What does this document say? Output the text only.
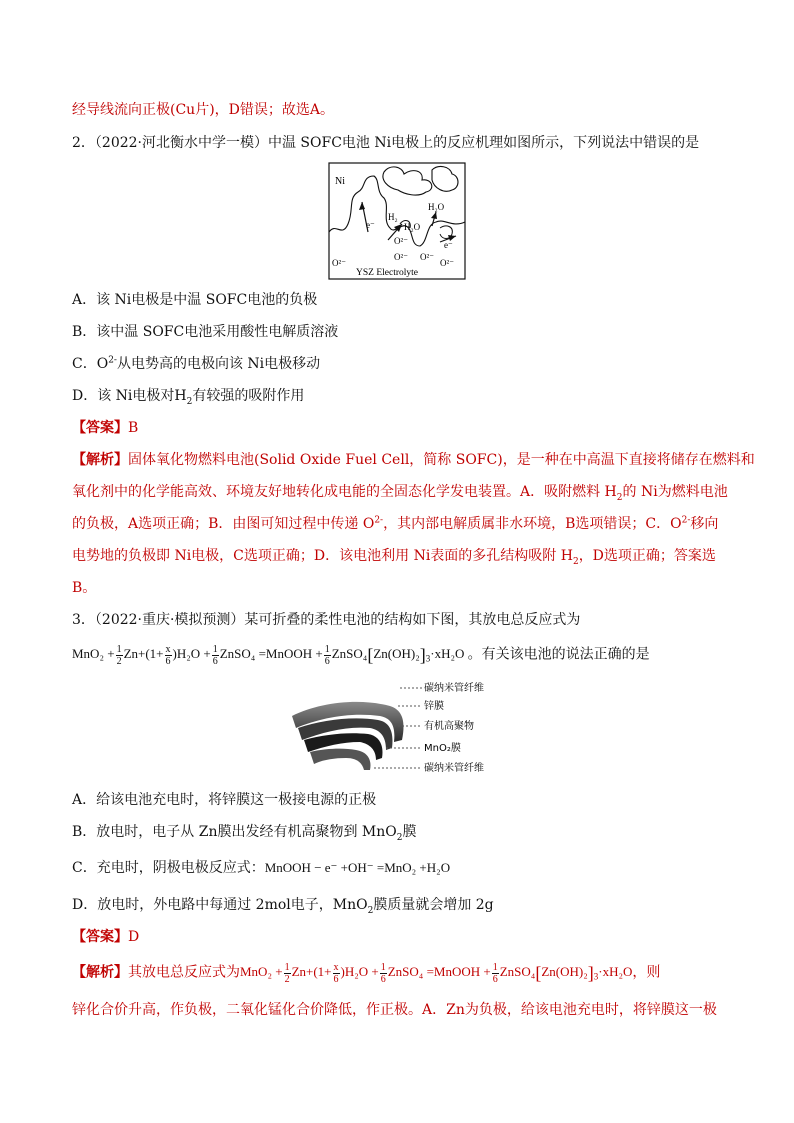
经导线流向正极(Cu片)，D错误；故选A。
2．（2022·河北衡水中学一模）中温 SOFC电池 Ni电极上的反应机理如图所示，下列说法中错误的是
Ni
H₂
H₂O
H₂O
e⁻
e⁻
O²⁻
O²⁻
O²⁻ O²⁻
O²⁻
YSZ Electrolyte
A．该 Ni电极是中温 SOFC电池的负极
B．该中温 SOFC电池采用酸性电解质溶液
C．$O^{2-}$从电势高的电极向该 Ni电极移动
D．该 Ni电极对$H_2$有较强的吸附作用
【答案】B
【解析】固体氧化物燃料电池(Solid Oxide Fuel Cell，简称 SOFC)，是一种在中高温下直接将储存在燃料和
氧化剂中的化学能高效、环境友好地转化成电能的全固态化学发电装置。A．吸附燃料 $H_2$的 Ni为燃料电池
的负极，A选项正确；B．由图可知过程中传递 $O^{2-}$，其内部电解质属非水环境，B选项错误；C．$O^{2-}$移向
电势地的负极即 Ni电极，C选项正确；D．该电池利用 Ni表面的多孔结构吸附 $H_2$，D选项正确；答案选
B。
3．（2022·重庆·模拟预测）某可折叠的柔性电池的结构如下图，其放电总反应式为
$MnO_2 + \frac{1}{2} Zn+(1+ \frac{x}{6} )H_2O + \frac{1}{6}$ ZnSO₄ =MnOOH + $\frac{1}{6}$ $ZnSO_4[Zn(OH)_2]_3\cdot xH_2O$ 。有关该电池的说法正确的是
碳纳米管纤维
锌膜
有机高聚物
MnO₂膜
碳纳米管纤维
A．给该电池充电时，将锌膜这一极接电源的正极
B．放电时，电子从 Zn膜出发经有机高聚物到 MnO$_2$膜
C．充电时，阴极电极反应式：MnOOH − e⁻ +OH⁻ =MnO₂ +H₂O
D．放电时，外电路中每通过 2mol电子，MnO$_2$膜质量就会增加 2g
【答案】D
【解析】其放电总反应式为$MnO_2 + \frac{1}{2} Zn+(1+ \frac{x}{6} )H_2O + \frac{1}{6}$ ZnSO₄ =MnOOH + $\frac{1}{6}$ $ZnSO_4[Zn(OH)_2]_3\cdot xH_2O$，则
锌化合价升高，作负极，二氧化锰化合价降低，作正极。A．Zn为负极，给该电池充电时，将锌膜这一极
